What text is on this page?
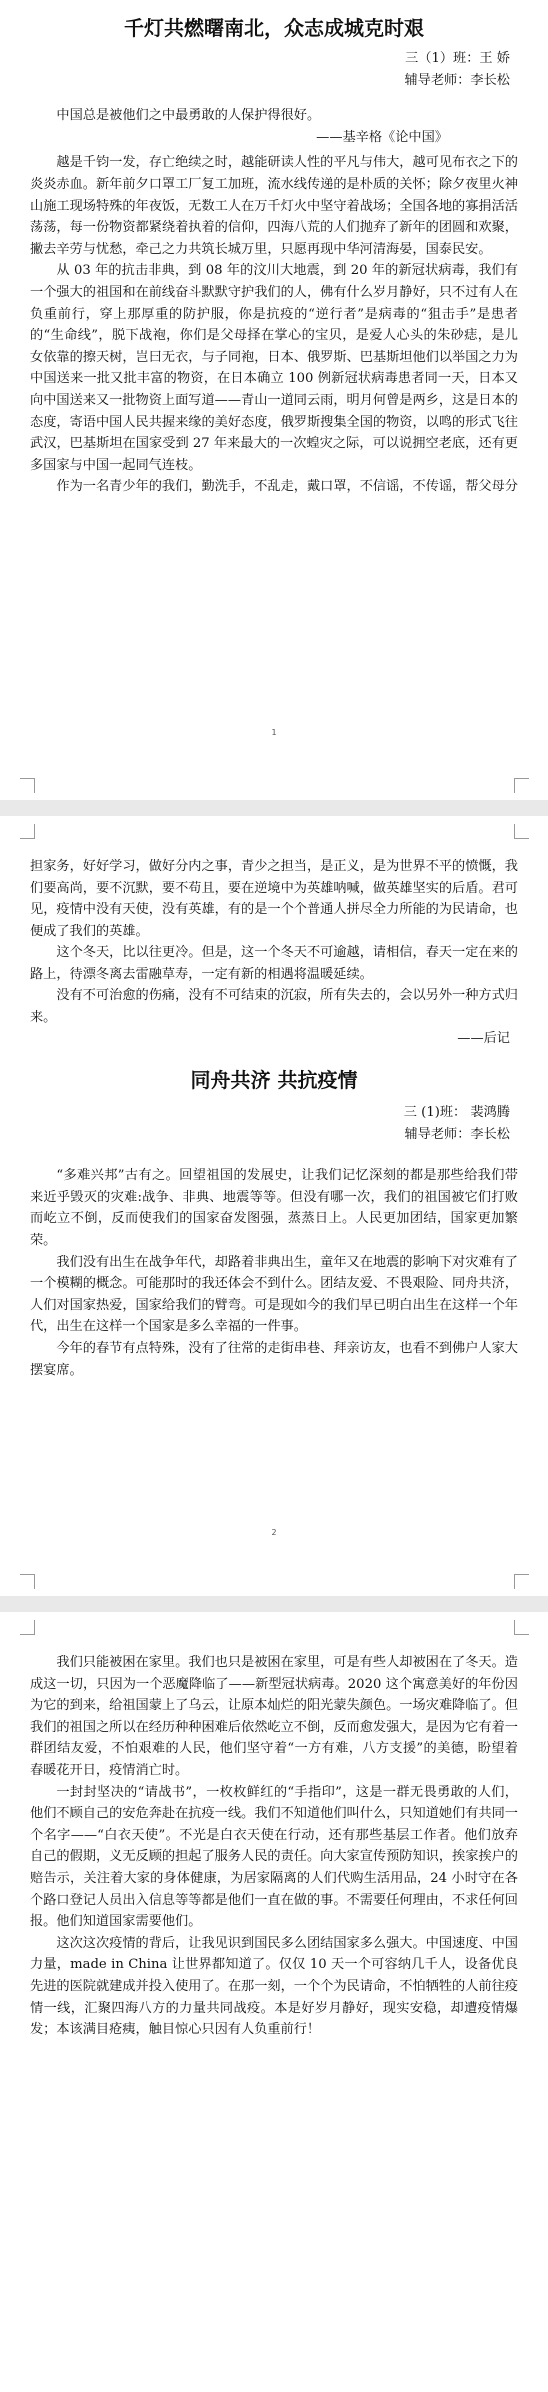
千灯共燃曙南北，众志成城克时艰

三（1）班：王 娇

辅导老师：李长松

中国总是被他们之中最勇敢的人保护得很好。

——基辛格《论中国》

越是千钧一发，存亡绝续之时，越能研读人性的平凡与伟大，越可见布衣之下的炎炎赤血。新年前夕口罩工厂复工加班，流水线传递的是朴质的关怀；除夕夜里火神山施工现场特殊的年夜饭，无数工人在万千灯火中坚守着战场；全国各地的寡捐活活荡荡，每一份物资都紧绕着执着的信仰，四海八荒的人们抛弃了新年的团圆和欢聚，撇去辛劳与忧愁，牵己之力共筑长城万里，只愿再现中华河清海晏，国泰民安。

从 03 年的抗击非典，到 08 年的汶川大地震，到 20 年的新冠状病毒，我们有一个强大的祖国和在前线奋斗默默守护我们的人，佛有什么岁月静好，只不过有人在负重前行，穿上那厚重的防护服，你是抗疫的“逆行者”是病毒的“狙击手”是患者的“生命线”，脱下战袍，你们是父母择在掌心的宝贝，是爱人心头的朱砂痣，是儿女依靠的擦天树，岂曰无衣，与子同袍，日本、俄罗斯、巴基斯坦他们以举国之力为中国送来一批又批丰富的物资，在日本确立 100 例新冠状病毒患者同一天，日本又向中国送来又一批物资上面写道——青山一道同云雨，明月何曾是两乡，这是日本的态度，寄语中国人民共握来缘的美好态度，俄罗斯搜集全国的物资，以鸣的形式飞往武汉，巴基斯坦在国家受到 27 年来最大的一次蝗灾之际，可以说拥空老底，还有更多国家与中国一起同气连枝。

作为一名青少年的我们，勤洗手，不乱走，戴口罩，不信谣，不传谣，帮父母分

1

担家务，好好学习，做好分内之事，青少之担当，是正义，是为世界不平的愤慨，我们要高尚，要不沉默，要不苟且，要在逆境中为英雄呐喊，做英雄坚实的后盾。君可见，疫情中没有天使，没有英雄，有的是一个个普通人拼尽全力所能的为民请命，也便成了我们的英雄。

这个冬天，比以往更冷。但是，这一个冬天不可逾越，请相信，春天一定在来的路上，待漂冬离去雷融草寿，一定有新的相遇将温暖延续。

没有不可治愈的伤痛，没有不可结束的沉寂，所有失去的，会以另外一种方式归来。

——后记

同舟共济 共抗疫情

三 (1)班： 裴鸿腾

辅导老师：李长松

“多难兴邦”古有之。回望祖国的发展史，让我们记忆深刻的都是那些给我们带来近乎毁灭的灾难:战争、非典、地震等等。但没有哪一次，我们的祖国被它们打败而屹立不倒，反而使我们的国家奋发图强，蒸蒸日上。人民更加团结，国家更加繁荣。

我们没有出生在战争年代，却路着非典出生，童年又在地震的影响下对灾难有了一个模糊的概念。可能那时的我还体会不到什么。团结友爱、不畏艰险、同舟共济，人们对国家热爱，国家给我们的臂弯。可是现如今的我们早已明白出生在这样一个年代，出生在这样一个国家是多么幸福的一件事。

今年的春节有点特殊，没有了往常的走街串巷、拜亲访友，也看不到佛户人家大摆宴席。

2

我们只能被困在家里。我们也只是被困在家里，可是有些人却被困在了冬天。造成这一切，只因为一个恶魔降临了——新型冠状病毒。2020 这个寓意美好的年份因为它的到来，给祖国蒙上了乌云，让原本灿烂的阳光蒙失颜色。一场灾难降临了。但我们的祖国之所以在经历种种困难后依然屹立不倒，反而愈发强大，是因为它有着一群团结友爱，不怕艰难的人民，他们坚守着“一方有难，八方支援”的美德，盼望着春暖花开日，疫情消亡时。

一封封坚决的“请战书”，一枚枚鲜红的“手指印”，这是一群无畏勇敢的人们，他们不顾自己的安危奔赴在抗疫一线。我们不知道他们叫什么，只知道她们有共同一个名字——“白衣天使”。不光是白衣天使在行动，还有那些基层工作者。他们放弃自己的假期，义无反顾的担起了服务人民的责任。向大家宣传预防知识，挨家挨户的赔告示，关注着大家的身体健康，为居家隔离的人们代购生活用品，24 小时守在各个路口登记人员出入信息等等都是他们一直在做的事。不需要任何理由，不求任何回报。他们知道国家需要他们。

这次这次疫情的背后，让我见识到国民多么团结国家多么强大。中国速度、中国力量，made in China 让世界都知道了。仅仅 10 天一个可容纳几千人，设备优良先进的医院就建成并投入使用了。在那一刻，一个个为民请命，不怕牺牲的人前往疫情一线，汇聚四海八方的力量共同战疫。本是好岁月静好，现实安稳，却遭疫情爆发；本该满目疮痍，触目惊心只因有人负重前行！
